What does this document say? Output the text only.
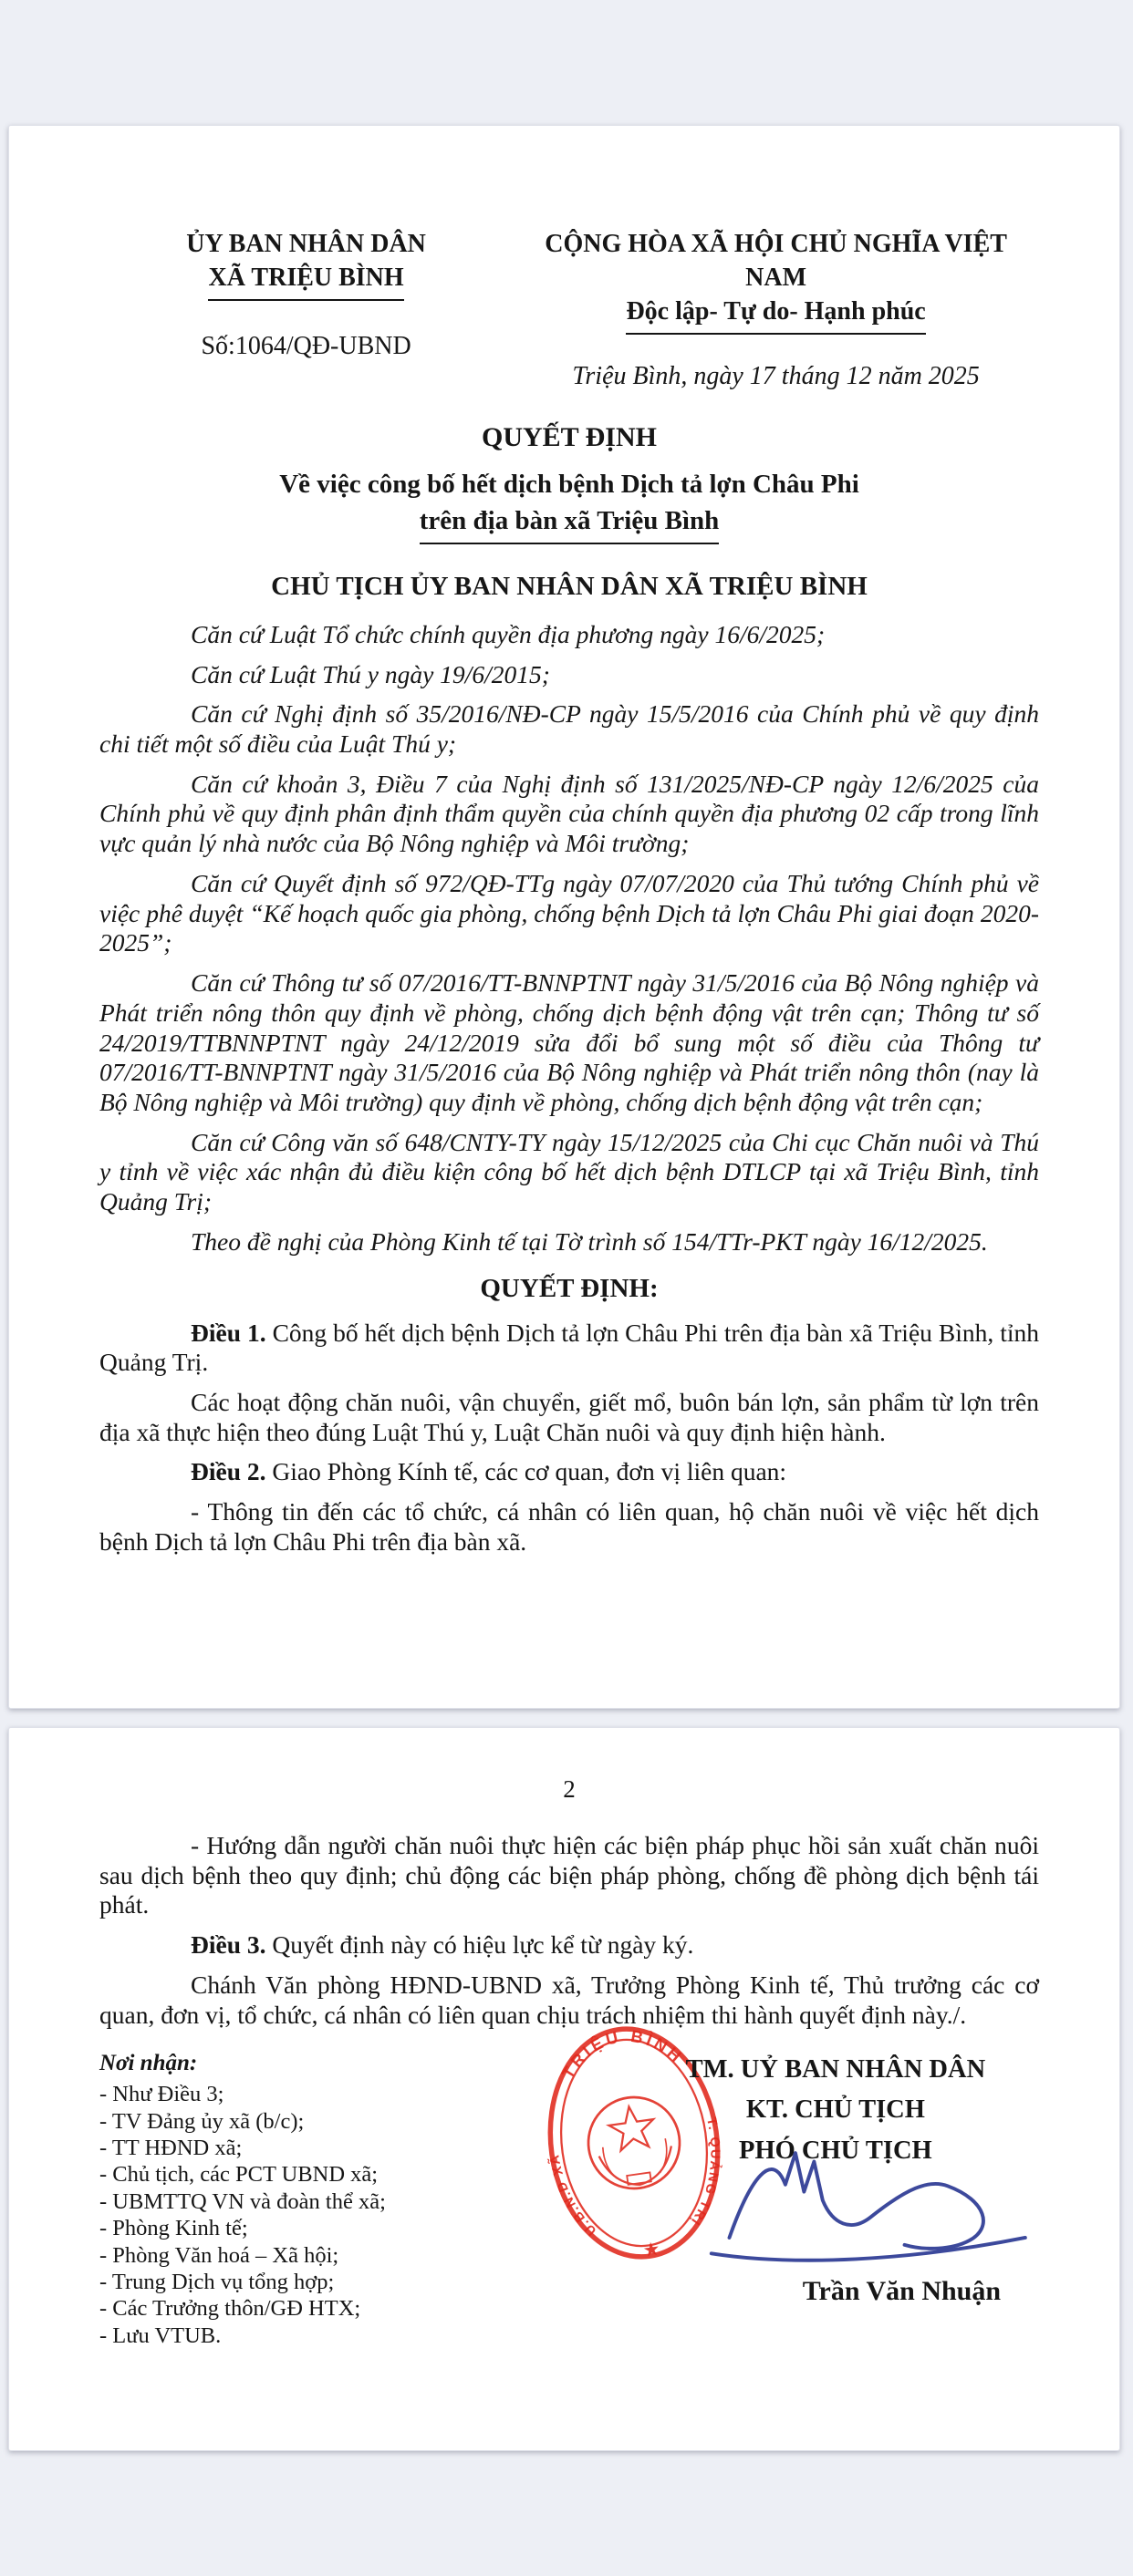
ỦY BAN NHÂN DÂN
XÃ TRIỆU BÌNH
Số:1064/QĐ-UBND
CỘNG HÒA XÃ HỘI CHỦ NGHĨA VIỆT NAM
Độc lập- Tự do- Hạnh phúc
Triệu Bình, ngày 17 tháng 12 năm 2025
QUYẾT ĐỊNH
Về việc công bố hết dịch bệnh Dịch tả lợn Châu Phi
trên địa bàn xã Triệu Bình
CHỦ TỊCH ỦY BAN NHÂN DÂN XÃ TRIỆU BÌNH

Căn cứ Luật Tổ chức chính quyền địa phương ngày 16/6/2025;

Căn cứ Luật Thú y ngày 19/6/2015;

Căn cứ Nghị định số 35/2016/NĐ-CP ngày 15/5/2016 của Chính phủ về quy định chi tiết một số điều của Luật Thú y;

Căn cứ khoản 3, Điều 7 của Nghị định số 131/2025/NĐ-CP ngày 12/6/2025 của Chính phủ về quy định phân định thẩm quyền của chính quyền địa phương 02 cấp trong lĩnh vực quản lý nhà nước của Bộ Nông nghiệp và Môi trường;

Căn cứ Quyết định số 972/QĐ-TTg ngày 07/07/2020 của Thủ tướng Chính phủ về việc phê duyệt “Kế hoạch quốc gia phòng, chống bệnh Dịch tả lợn Châu Phi giai đoạn 2020-2025”;

Căn cứ Thông tư số 07/2016/TT-BNNPTNT ngày 31/5/2016 của Bộ Nông nghiệp và Phát triển nông thôn quy định về phòng, chống dịch bệnh động vật trên cạn; Thông tư số 24/2019/TTBNNPTNT ngày 24/12/2019 sửa đổi bổ sung một số điều của Thông tư 07/2016/TT-BNNPTNT ngày 31/5/2016 của Bộ Nông nghiệp và Phát triển nông thôn (nay là Bộ Nông nghiệp và Môi trường) quy định về phòng, chống dịch bệnh động vật trên cạn;

Căn cứ Công văn số 648/CNTY-TY ngày 15/12/2025 của Chi cục Chăn nuôi và Thú y tỉnh về việc xác nhận đủ điều kiện công bố hết dịch bệnh DTLCP tại xã Triệu Bình, tỉnh Quảng Trị;

Theo đề nghị của Phòng Kinh tế tại Tờ trình số 154/TTr-PKT ngày 16/12/2025.

QUYẾT ĐỊNH:

Điều 1. Công bố hết dịch bệnh Dịch tả lợn Châu Phi trên địa bàn xã Triệu Bình, tỉnh Quảng Trị.

Các hoạt động chăn nuôi, vận chuyển, giết mổ, buôn bán lợn, sản phẩm từ lợn trên địa xã thực hiện theo đúng Luật Thú y, Luật Chăn nuôi và quy định hiện hành.

Điều 2. Giao Phòng Kính tế, các cơ quan, đơn vị liên quan:

- Thông tin đến các tổ chức, cá nhân có liên quan, hộ chăn nuôi về việc hết dịch bệnh Dịch tả lợn Châu Phi trên địa bàn xã.

2

- Hướng dẫn người chăn nuôi thực hiện các biện pháp phục hồi sản xuất chăn nuôi sau dịch bệnh theo quy định; chủ động các biện pháp phòng, chống đề phòng dịch bệnh tái phát.

Điều 3. Quyết định này có hiệu lực kể từ ngày ký.

Chánh Văn phòng HĐND-UBND xã, Trưởng Phòng Kinh tế, Thủ trưởng các cơ quan, đơn vị, tổ chức, cá nhân có liên quan chịu trách nhiệm thi hành quyết định này./.

Nơi nhận:
- Như Điều 3;
- TV Đảng ủy xã (b/c);
- TT HĐND xã;
- Chủ tịch, các PCT UBND xã;
- UBMTTQ VN và đoàn thể xã;
- Phòng Kinh tế;
- Phòng Văn hoá – Xã hội;
- Trung Dịch vụ tổng hợp;
- Các Trưởng thôn/GĐ HTX;
- Lưu VTUB.
TM. UỶ BAN NHÂN DÂN
KT. CHỦ TỊCH
PHÓ CHỦ TỊCH
TRIỆU BÌNH
U.B.N.D XÃ
T. QUẢNG TRỊ
★
Trần Văn Nhuận
